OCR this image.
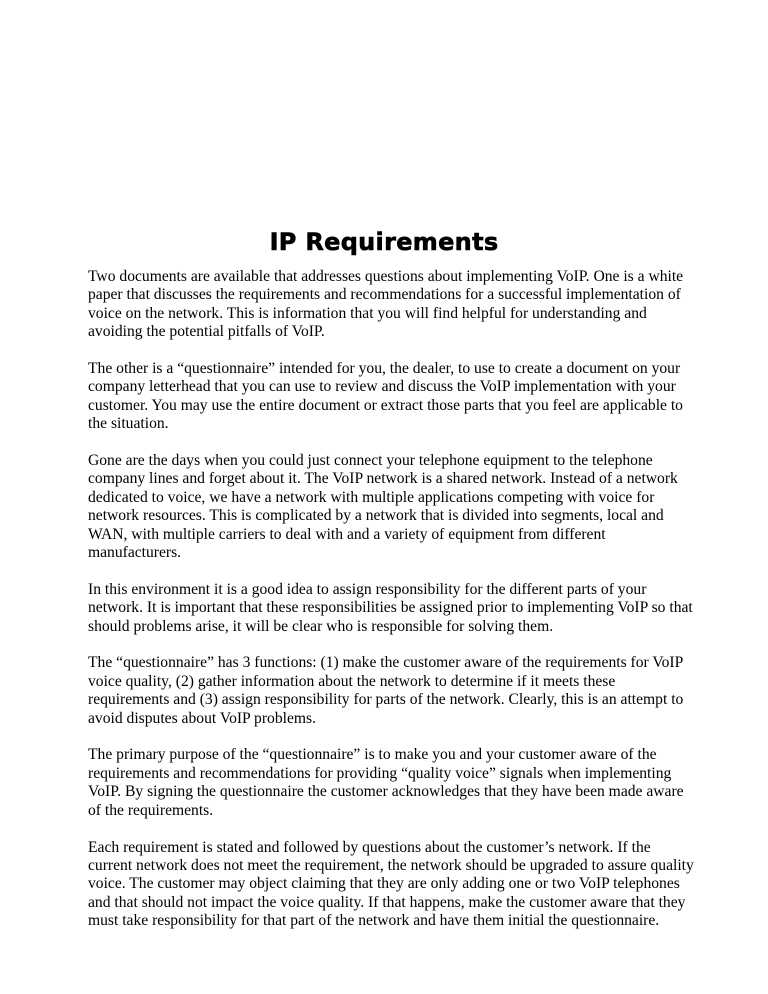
IP Requirements

Two documents are available that addresses questions about implementing VoIP. One is a white
paper that discusses the requirements and recommendations for a successful implementation of
voice on the network. This is information that you will find helpful for understanding and
avoiding the potential pitfalls of VoIP.

The other is a “questionnaire” intended for you, the dealer, to use to create a document on your
company letterhead that you can use to review and discuss the VoIP implementation with your
customer. You may use the entire document or extract those parts that you feel are applicable to
the situation.

Gone are the days when you could just connect your telephone equipment to the telephone
company lines and forget about it. The VoIP network is a shared network. Instead of a network
dedicated to voice, we have a network with multiple applications competing with voice for
network resources. This is complicated by a network that is divided into segments, local and
WAN, with multiple carriers to deal with and a variety of equipment from different
manufacturers.

In this environment it is a good idea to assign responsibility for the different parts of your
network. It is important that these responsibilities be assigned prior to implementing VoIP so that
should problems arise, it will be clear who is responsible for solving them.

The “questionnaire” has 3 functions: (1) make the customer aware of the requirements for VoIP
voice quality, (2) gather information about the network to determine if it meets these
requirements and (3) assign responsibility for parts of the network. Clearly, this is an attempt to
avoid disputes about VoIP problems.

The primary purpose of the “questionnaire” is to make you and your customer aware of the
requirements and recommendations for providing “quality voice” signals when implementing
VoIP. By signing the questionnaire the customer acknowledges that they have been made aware
of the requirements.

Each requirement is stated and followed by questions about the customer’s network. If the
current network does not meet the requirement, the network should be upgraded to assure quality
voice. The customer may object claiming that they are only adding one or two VoIP telephones
and that should not impact the voice quality. If that happens, make the customer aware that they
must take responsibility for that part of the network and have them initial the questionnaire.
